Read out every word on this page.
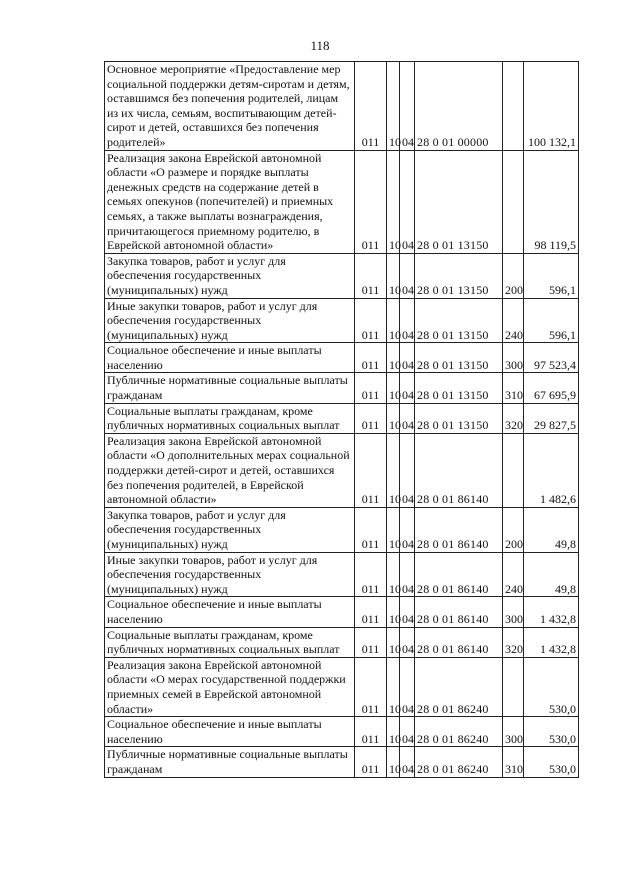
118
Основное мероприятие «Предоставление мер социальной поддержки детям-сиротам и детям, оставшимся без попечения родителей, лицам из их числа, семьям, воспитывающим детей-сирот и детей, оставшихся без попечения родителей»	011	10	04	28 0 01 00000		100 132,1
Реализация закона Еврейской автономной области «О размере и порядке выплаты денежных средств на содержание детей в семьях опекунов (попечителей) и приемных семьях, а также выплаты вознаграждения, причитающегося приемному родителю, в Еврейской автономной области»	011	10	04	28 0 01 13150		98 119,5
Закупка товаров, работ и услуг для обеспечения государственных (муниципальных) нужд	011	10	04	28 0 01 13150	200	596,1
Иные закупки товаров, работ и услуг для обеспечения государственных (муниципальных) нужд	011	10	04	28 0 01 13150	240	596,1
Социальное обеспечение и иные выплаты населению	011	10	04	28 0 01 13150	300	97 523,4
Публичные нормативные социальные выплаты гражданам	011	10	04	28 0 01 13150	310	67 695,9
Социальные выплаты гражданам, кроме публичных нормативных социальных выплат	011	10	04	28 0 01 13150	320	29 827,5
Реализация закона Еврейской автономной области «О дополнительных мерах социальной поддержки детей-сирот и детей, оставшихся без попечения родителей, в Еврейской автономной области»	011	10	04	28 0 01 86140		1 482,6
Закупка товаров, работ и услуг для обеспечения государственных (муниципальных) нужд	011	10	04	28 0 01 86140	200	49,8
Иные закупки товаров, работ и услуг для обеспечения государственных (муниципальных) нужд	011	10	04	28 0 01 86140	240	49,8
Социальное обеспечение и иные выплаты населению	011	10	04	28 0 01 86140	300	1 432,8
Социальные выплаты гражданам, кроме публичных нормативных социальных выплат	011	10	04	28 0 01 86140	320	1 432,8
Реализация закона Еврейской автономной области «О мерах государственной поддержки приемных семей в Еврейской автономной области»	011	10	04	28 0 01 86240		530,0
Социальное обеспечение и иные выплаты населению	011	10	04	28 0 01 86240	300	530,0
Публичные нормативные социальные выплаты гражданам	011	10	04	28 0 01 86240	310	530,0
